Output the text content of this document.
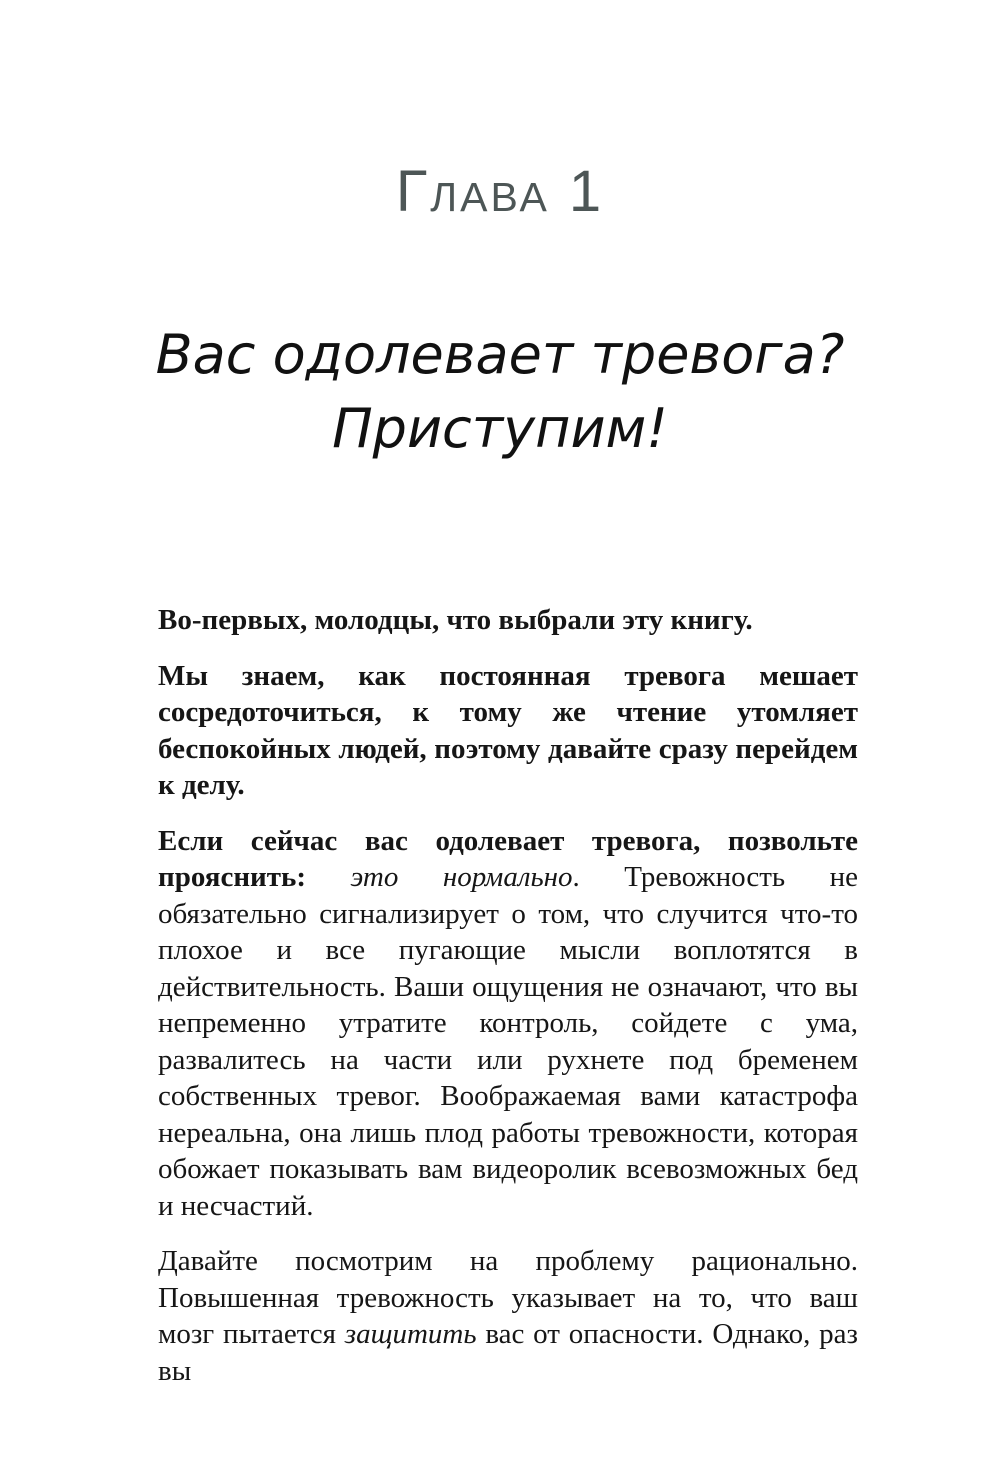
Глава 1
Вас одолевает тревога?
Приступим!

Во-первых, молодцы, что выбрали эту книгу.

Мы знаем, как постоянная тревога мешает сосредоточиться, к тому же чтение утомляет беспокойных людей, поэтому давайте сразу перейдем к делу.

Если сейчас вас одолевает тревога, позвольте прояснить: это нормально. Тревожность не обязательно сигнализирует о том, что случится что-то плохое и все пугающие мысли воплотятся в действительность. Ваши ощущения не означают, что вы непременно утратите контроль, сойдете с ума, развалитесь на части или рухнете под бременем собственных тревог. Воображаемая вами катастрофа нереальна, она лишь плод работы тревожности, которая обожает показывать вам видеоролик всевозможных бед и несчастий.

Давайте посмотрим на проблему рационально. Повышенная тревожность указывает на то, что ваш мозг пытается защитить вас от опасности. Однако, раз вы
